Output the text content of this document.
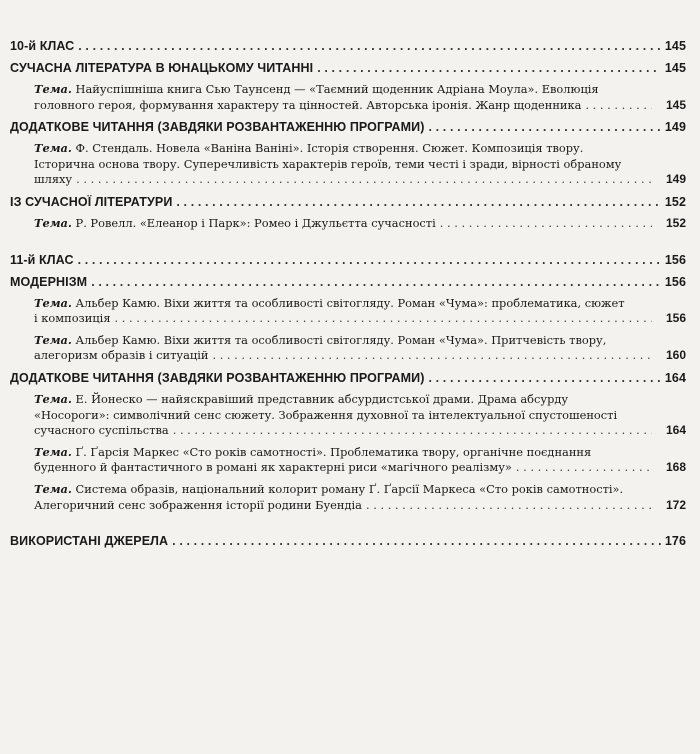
10-й КЛАС . . .	145
СУЧАСНА ЛІТЕРАТУРА В ЮНАЦЬКОМУ ЧИТАННІ . . .	145
Тема. Найуспішніша книга Сью Таунсенд — «Таємний щоденник Адріана Моула». Еволюція
головного героя, формування характеру та цінностей. Авторська іронія. Жанр щоденника . . .	145
ДОДАТКОВЕ ЧИТАННЯ (ЗАВДЯКИ РОЗВАНТАЖЕННЮ ПРОГРАМИ) . . .	149
Тема. Ф. Стендаль. Новела «Ваніна Ваніні». Історія створення. Сюжет. Композиція твору.
Історична основа твору. Суперечливість характерів героїв, теми честі і зради, вірності обраному
шляху . . .	149
ІЗ СУЧАСНОЇ ЛІТЕРАТУРИ . . .	152
Тема. Р. Ровелл. «Елеанор і Парк»: Ромео і Джульєтта сучасності . . .	152
11-й КЛАС . . .	156
МОДЕРНІЗМ . . .	156
Тема. Альбер Камю. Віхи життя та особливості світогляду. Роман «Чума»: проблематика, сюжет
і композиція . . .	156
Тема. Альбер Камю. Віхи життя та особливості світогляду. Роман «Чума». Притчевість твору,
алегоризм образів і ситуацій . . .	160
ДОДАТКОВЕ ЧИТАННЯ (ЗАВДЯКИ РОЗВАНТАЖЕННЮ ПРОГРАМИ) . . .	164
Тема. Е. Йонеско — найяскравіший представник абсурдистської драми. Драма абсурду
«Носороги»: символічний сенс сюжету. Зображення духовної та інтелектуальної спустошеності
сучасного суспільства . . .	164
Тема. Ґ. Ґарсія Маркес «Сто років самотності». Проблематика твору, органічне поєднання
буденного й фантастичного в романі як характерні риси «магічного реалізму» . . .	168
Тема. Система образів, національний колорит роману Ґ. Ґарсії Маркеса «Сто років самотності».
Алегоричний сенс зображення історії родини Буендіа . . .	172
ВИКОРИСТАНІ ДЖЕРЕЛА . . .	176
